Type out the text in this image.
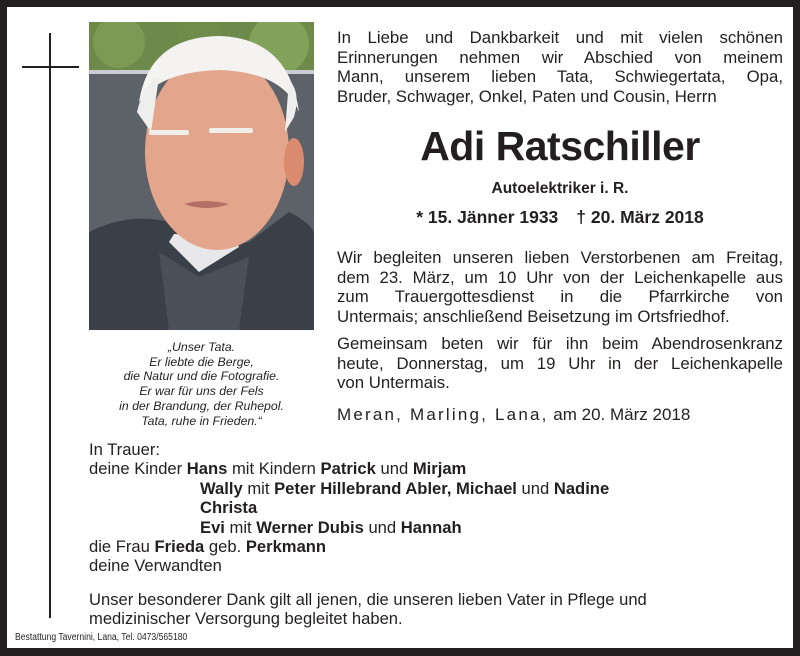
„Unser Tata.
Er liebte die Berge,
die Natur und die Fotografie.
Er war für uns der Fels
in der Brandung, der Ruhepol.
Tata, ruhe in Frieden.“
In Liebe und Dankbarkeit und mit vielen schönen
Erinnerungen nehmen wir Abschied von meinem
Mann, unserem lieben Tata, Schwiegertata, Opa,
Bruder, Schwager, Onkel, Paten und Cousin, Herrn
Adi Ratschiller
Autoelektriker i. R.
* 15. Jänner 1933 † 20. März 2018
Wir begleiten unseren lieben Verstorbenen am Freitag,
dem 23. März, um 10 Uhr von der Leichenkapelle aus
zum Trauergottesdienst in die Pfarrkirche von
Untermais; anschließend Beisetzung im Ortsfriedhof.
Gemeinsam beten wir für ihn beim Abendrosenkranz
heute, Donnerstag, um 19 Uhr in der Leichenkapelle
von Untermais.
Meran, Marling, Lana, am 20. März 2018
In Trauer:
deine Kinder Hans mit Kindern Patrick und Mirjam
Wally mit Peter Hillebrand Abler, Michael und Nadine
Christa
Evi mit Werner Dubis und Hannah
die Frau Frieda geb. Perkmann
deine Verwandten
Unser besonderer Dank gilt all jenen, die unseren lieben Vater in Pflege und
medizinischer Versorgung begleitet haben.
Bestattung Tavernini, Lana, Tel. 0473/565180
